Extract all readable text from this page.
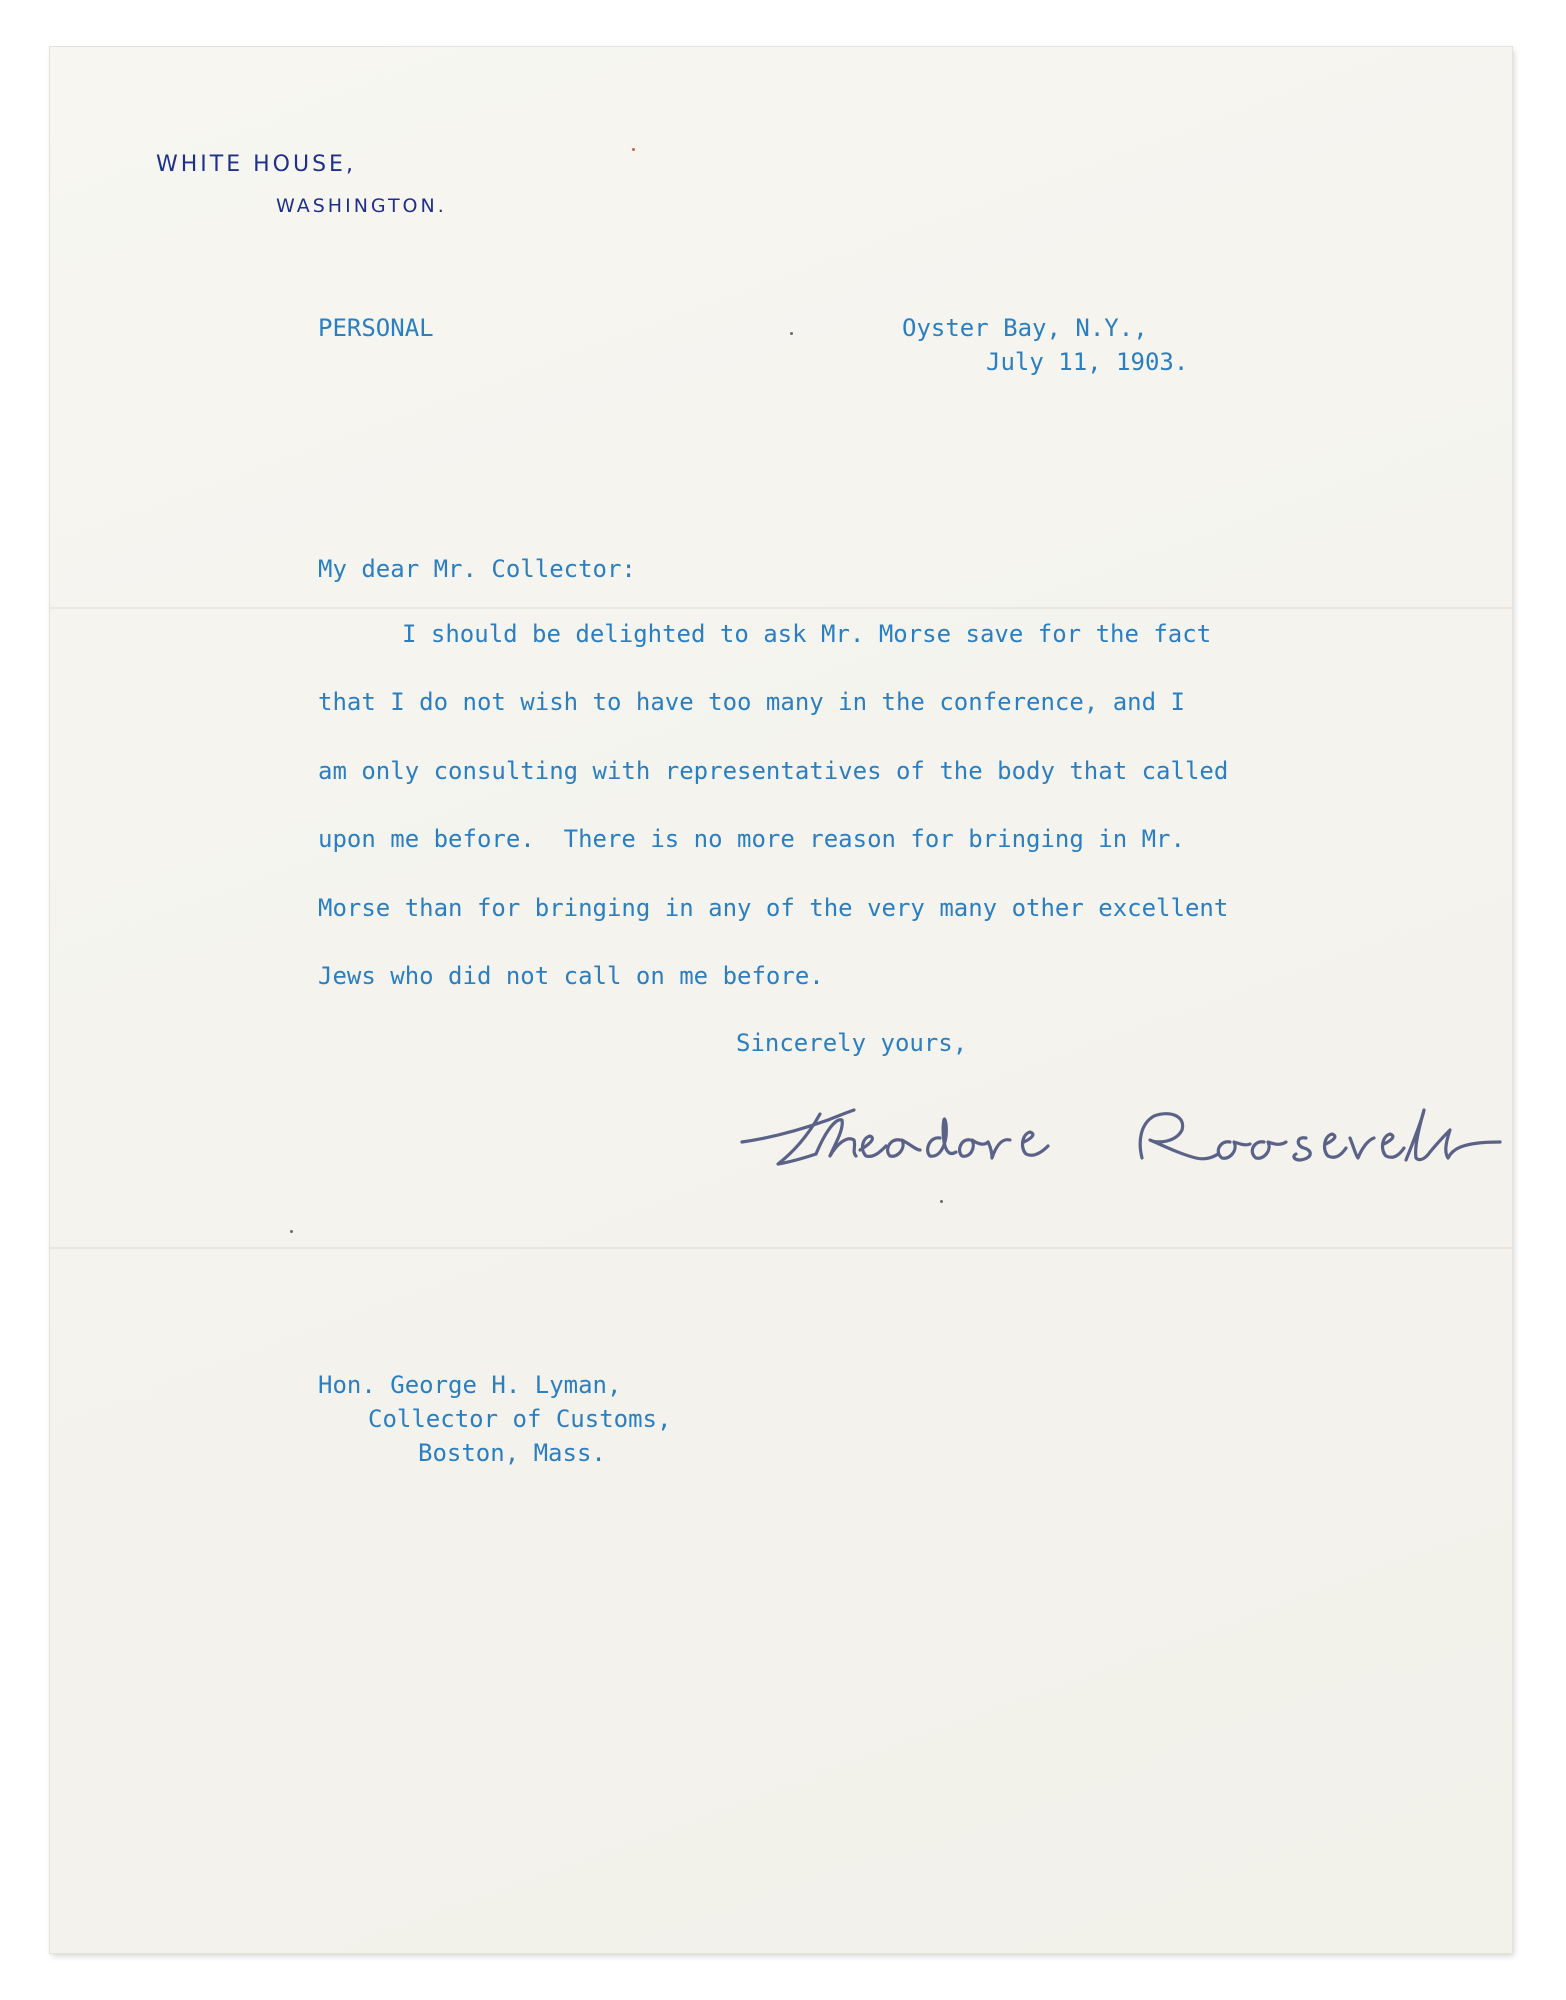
WHITE HOUSE,
WASHINGTON.
PERSONAL	Oyster Bay, N.Y.,
July 11, 1903.
My dear Mr. Collector:
I should be delighted to ask Mr. Morse save for the fact
that I do not wish to have too many in the conference, and I
am only consulting with representatives of the body that called
upon me before.  There is no more reason for bringing in Mr.
Morse than for bringing in any of the very many other excellent
Jews who did not call on me before.
Sincerely yours,
Hon. George H. Lyman,
Collector of Customs,
Boston, Mass.
